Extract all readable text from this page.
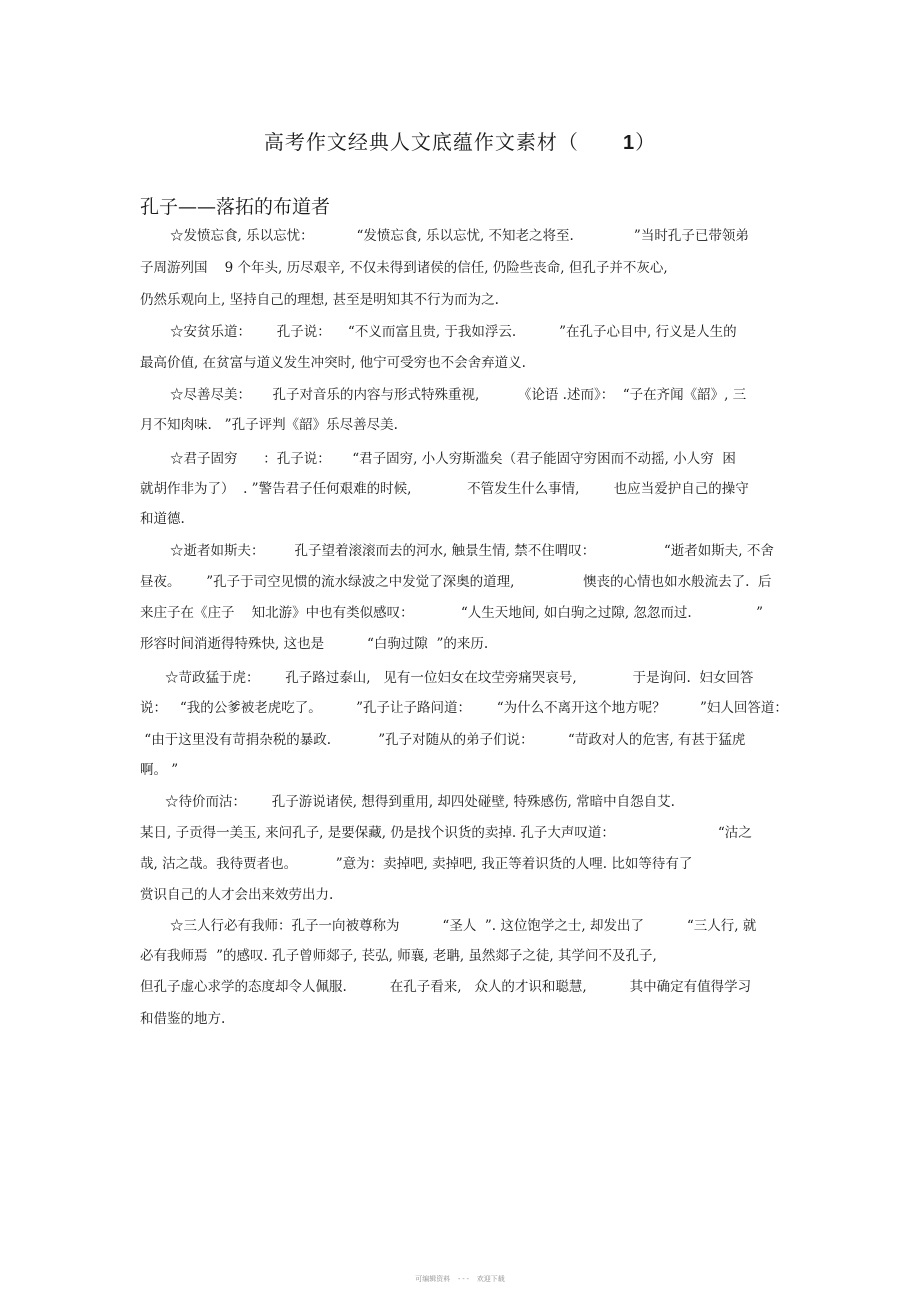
高考作文经典人文底蕴作文素材（      1）
孔子——落拓的布道者
☆发愤忘食, 乐以忘忧：          “发愤忘食, 乐以忘忧, 不知老之将至.              ”当时孔子已带领弟
子周游列国    9 个年头, 历尽艰辛, 不仅未得到诸侯的信任, 仍险些丧命, 但孔子并不灰心,
仍然乐观向上, 坚持自己的理想, 甚至是明知其不行为而为之.
☆安贫乐道：      孔子说：    “不义而富且贵, 于我如浮云.          ”在孔子心目中, 行义是人生的
最高价值, 在贫富与道义发生冲突时, 他宁可受穷也不会舍弃道义.
☆尽善尽美：     孔子对音乐的内容与形式特殊重视,         《论语 .述而》：  “子在齐闻《韶》, 三
月不知肉味.   ”孔子评判《韶》乐尽善尽美.
☆君子固穷      ：孔子说：     “君子固穷, 小人穷斯滥矣（君子能固守穷困而不动摇, 小人穷  困
就胡作非为了）  . ”警告君子任何艰难的时候,             不管发生什么事情,        也应当爱护自己的操守
和道德.
☆逝者如斯夫：       孔子望着滚滚而去的河水, 触景生情, 禁不住喟叹：                “逝者如斯夫, 不舍
昼夜。      ”孔子于司空见惯的流水绿波之中发觉了深奥的道理,                懊丧的心情也如水般流去了.  后
来庄子在《庄子    知北游》中也有类似感叹：           “人生天地间, 如白驹之过隙, 忽忽而过.               ”
形容时间消逝得特殊快, 这也是          “白驹过隙  ”的来历.
☆苛政猛于虎：      孔子路过泰山,   见有一位妇女在坟茔旁痛哭哀号,             于是询问.  妇女回答
说：   “我的公爹被老虎吃了。        ”孔子让子路问道：      “为什么不离开这个地方呢？        ”妇人回答道：
“由于这里没有苛捐杂税的暴政.           ”孔子对随从的弟子们说：        “苛政对人的危害, 有甚于猛虎
啊。 ”
☆待价而沽：      孔子游说诸侯, 想得到重用, 却四处碰壁, 特殊感伤, 常暗中自怨自艾.
某日, 子贡得一美玉, 来问孔子, 是要保藏, 仍是找个识货的卖掉. 孔子大声叹道：                        “沽之
哉, 沽之哉。我待贾者也。         ”意为：卖掉吧, 卖掉吧, 我正等着识货的人哩. 比如等待有了
赏识自己的人才会出来效劳出力.
☆三人行必有我师：孔子一向被尊称为          “圣人  ”. 这位饱学之士, 却发出了          “三人行, 就
必有我师焉  ”的感叹. 孔子曾师郯子, 苌弘, 师襄, 老聃, 虽然郯子之徒, 其学问不及孔子,
但孔子虚心求学的态度却令人佩服.          在孔子看来,   众人的才识和聪慧,          其中确定有值得学习
和借鉴的地方.
可编辑资料    - - -    欢迎下载
